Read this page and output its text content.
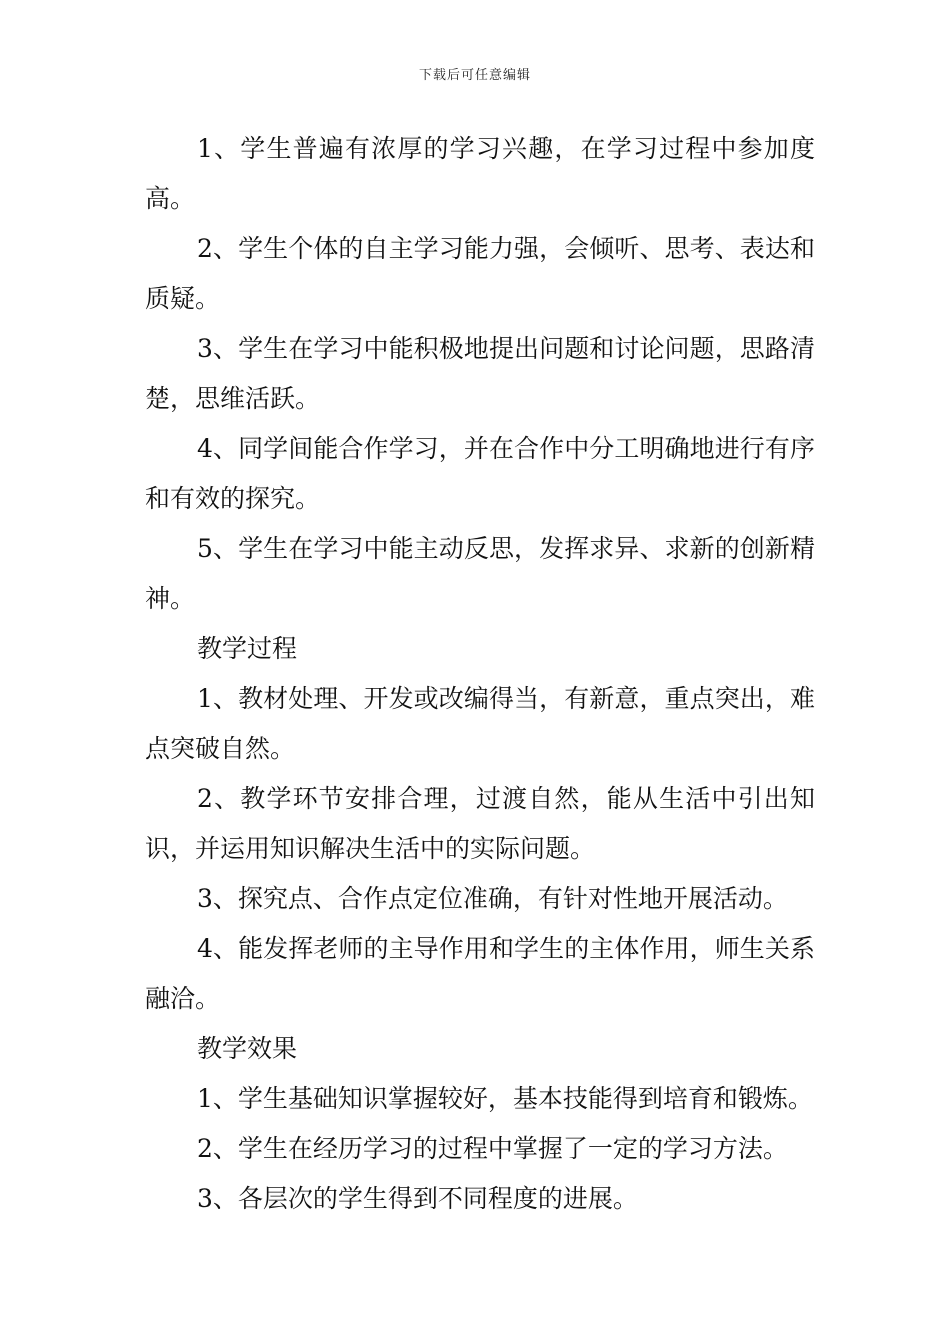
下载后可任意编辑

1、学生普遍有浓厚的学习兴趣，在学习过程中参加度高。

2、学生个体的自主学习能力强，会倾听、思考、表达和质疑。

3、学生在学习中能积极地提出问题和讨论问题，思路清楚，思维活跃。

4、同学间能合作学习，并在合作中分工明确地进行有序和有效的探究。

5、学生在学习中能主动反思，发挥求异、求新的创新精神。

教学过程

1、教材处理、开发或改编得当，有新意，重点突出，难点突破自然。

2、教学环节安排合理，过渡自然，能从生活中引出知识，并运用知识解决生活中的实际问题。

3、探究点、合作点定位准确，有针对性地开展活动。

4、能发挥老师的主导作用和学生的主体作用，师生关系融洽。

教学效果

1、学生基础知识掌握较好，基本技能得到培育和锻炼。

2、学生在经历学习的过程中掌握了一定的学习方法。

3、各层次的学生得到不同程度的进展。
